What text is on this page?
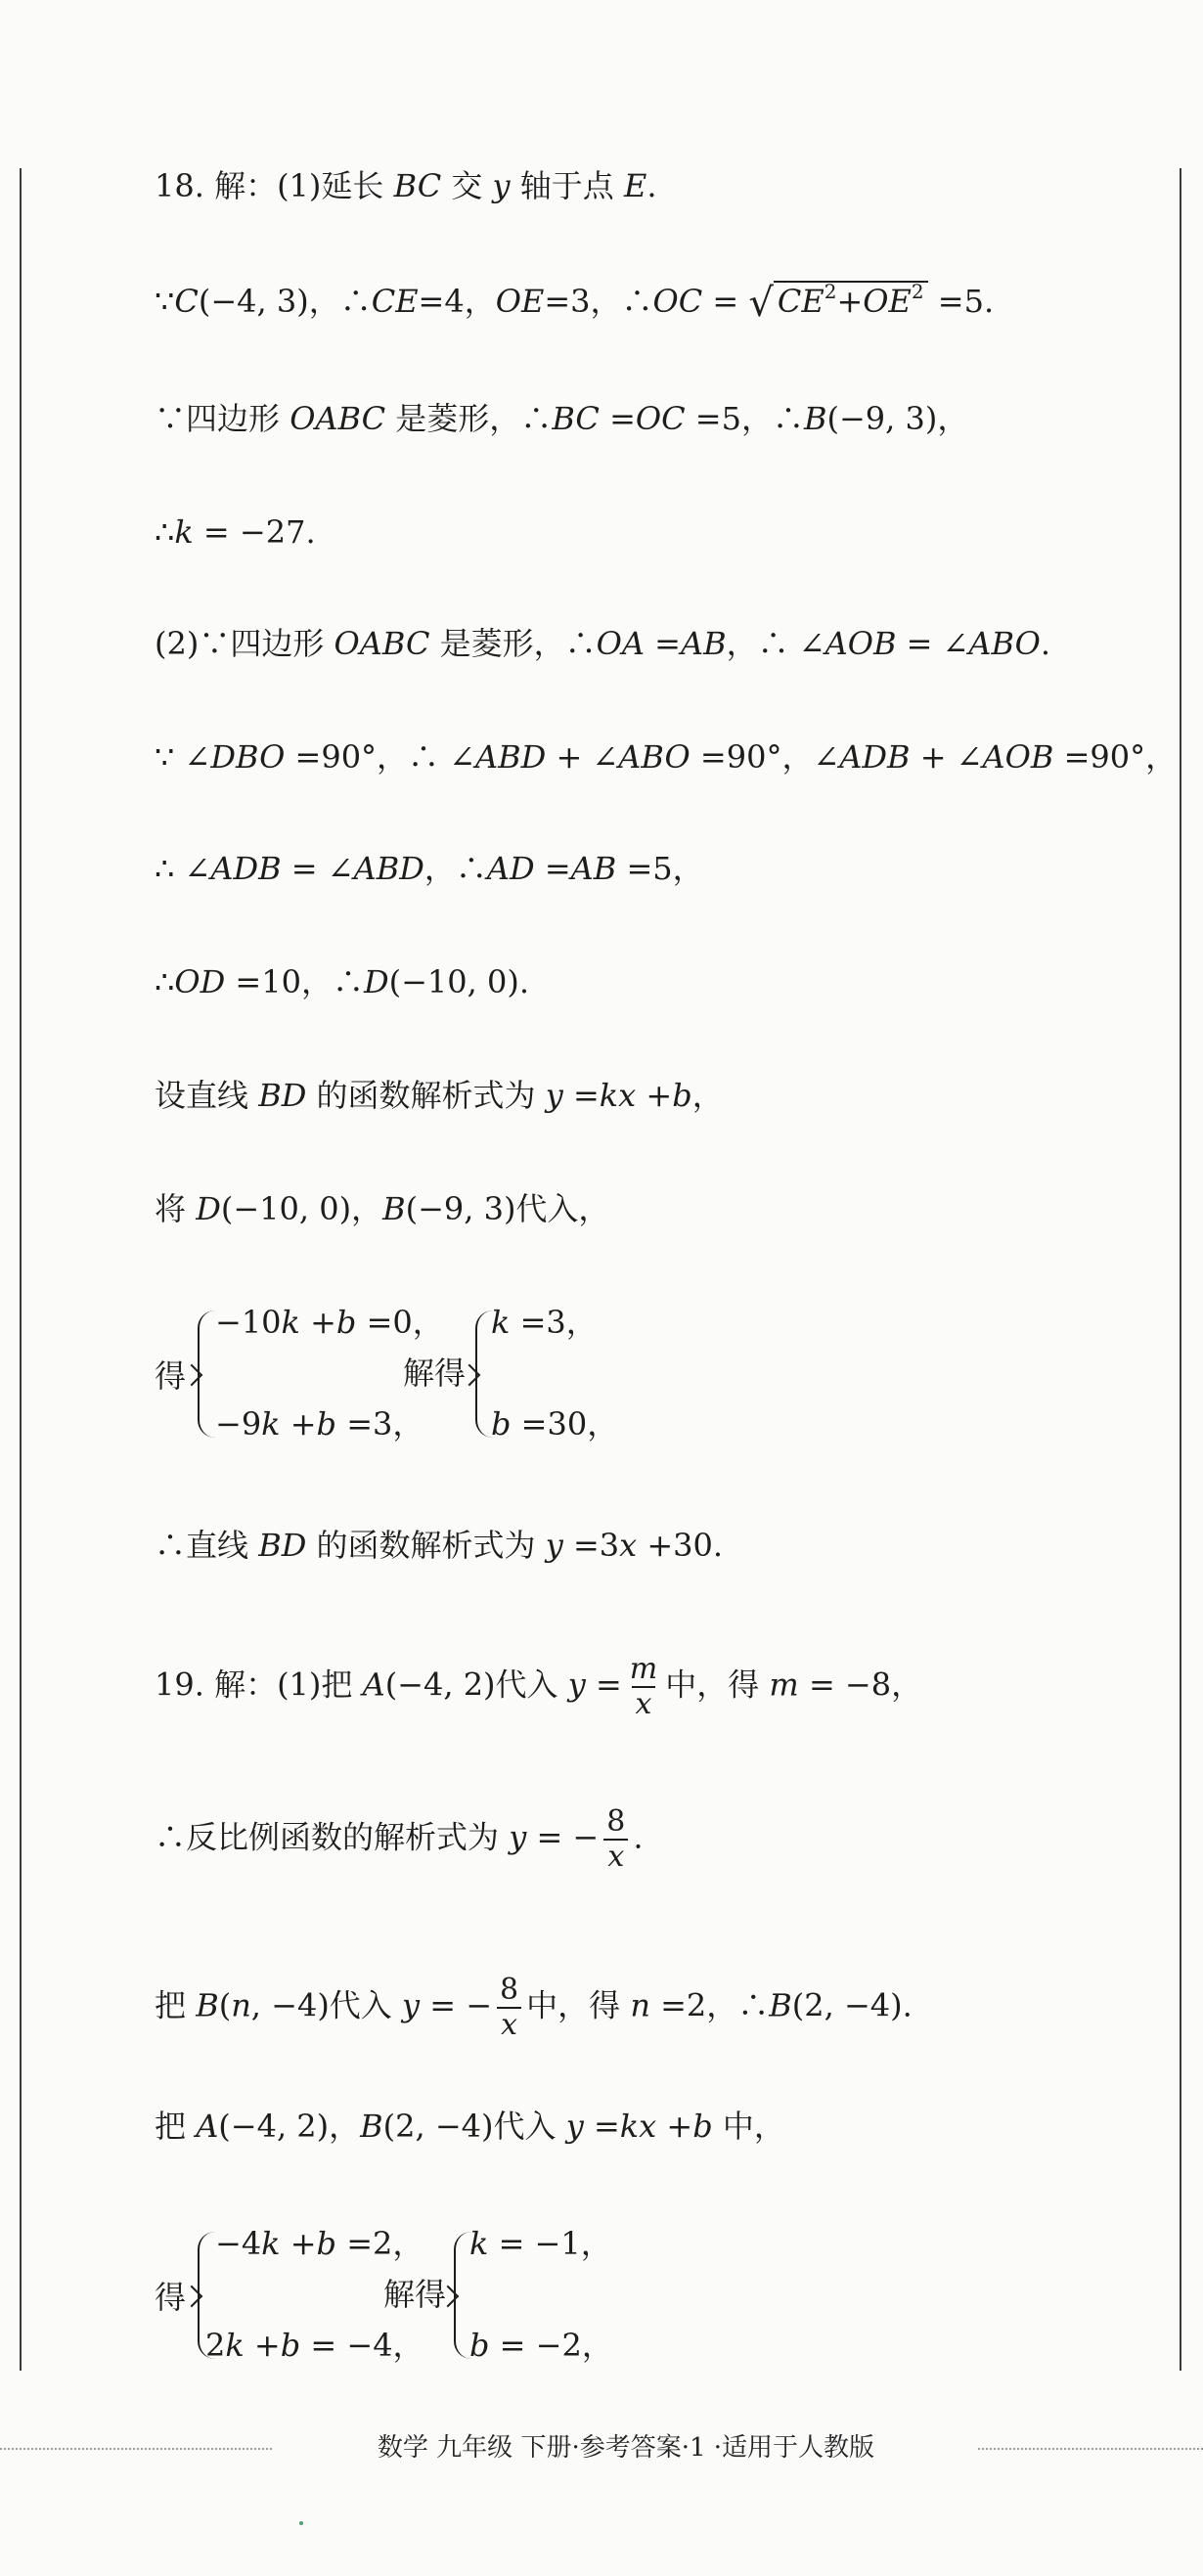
18. 解：(1)延长 BC 交 y 轴于点 E.
∵C(−4, 3)，∴CE=4，OE=3，∴OC = √ $CE^2+OE^2 =5$.
∵四边形 OABC 是菱形，∴BC =OC =5，∴B(−9, 3)，
∴k = −27.
(2)∵四边形 OABC 是菱形，∴OA =AB，∴ ∠AOB = ∠ABO.
∵ ∠DBO =90°，∴ ∠ABD + ∠ABO =90°，∠ADB + ∠AOB =90°，
∴ ∠ADB = ∠ABD，∴AD =AB =5，
∴OD =10，∴D(−10, 0).
设直线 BD 的函数解析式为 y =kx +b，
将 D(−10, 0)，B(−9, 3)代入，
得
−10k +b =0，
−9k +b =3，
解得
k =3，
b =30，
∴直线 BD 的函数解析式为 y =3x +30.
19. 解：(1)把 A(−4, 2)代入 $y = \frac{m}{x}$ 中，得 m = −8，
∴反比例函数的解析式为 y = − $\frac{8}{x}$ .
把 B(n, −4)代入 y = − $\frac{8}{x}$ 中，得 n =2，∴B(2, −4).
把 A(−4, 2)，B(2, −4)代入 y =kx +b 中，
得
−4k +b =2，
2k +b = −4，
解得
k = −1，
b = −2，
数学 九年级 下册·参考答案·1 ·适用于人教版
